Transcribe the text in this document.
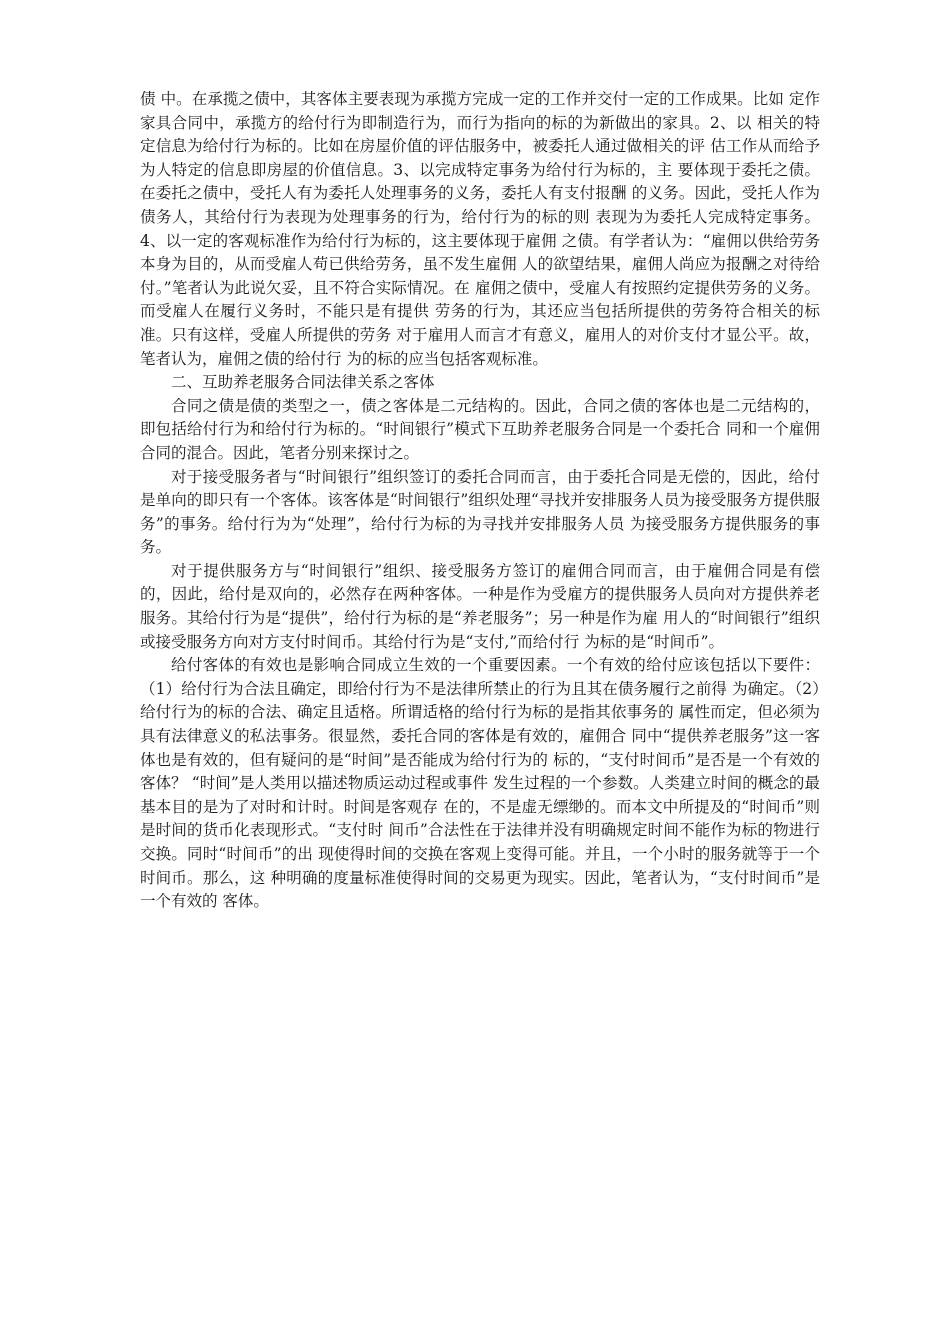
债 中。在承揽之债中，其客体主要表现为承揽方完成一定的工作并交付一定的工作成果。比如 定作家具合同中，承揽方的给付行为即制造行为，而行为指向的标的为新做出的家具。2、以 相关的特定信息为给付行为标的。比如在房屋价值的评估服务中，被委托人通过做相关的评 估工作从而给予为人特定的信息即房屋的价值信息。3、以完成特定事务为给付行为标的，主 要体现于委托之债。在委托之债中，受托人有为委托人处理事务的义务，委托人有支付报酬 的义务。因此，受托人作为债务人，其给付行为表现为处理事务的行为，给付行为的标的则 表现为为委托人完成特定事务。4、以一定的客观标准作为给付行为标的，这主要体现于雇佣 之债。有学者认为：“雇佣以供给劳务本身为目的，从而受雇人苟已供给劳务，虽不发生雇佣 人的欲望结果，雇佣人尚应为报酬之对待给付。”笔者认为此说欠妥，且不符合实际情况。在 雇佣之债中，受雇人有按照约定提供劳务的义务。而受雇人在履行义务时，不能只是有提供 劳务的行为，其还应当包括所提供的劳务符合相关的标准。只有这样，受雇人所提供的劳务 对于雇用人而言才有意义，雇用人的对价支付才显公平。故，笔者认为，雇佣之债的给付行 为的标的应当包括客观标准。

二、互助养老服务合同法律关系之客体

合同之债是债的类型之一，债之客体是二元结构的。因此，合同之债的客体也是二元结构的，即包括给付行为和给付行为标的。“时间银行”模式下互助养老服务合同是一个委托合 同和一个雇佣合同的混合。因此，笔者分别来探讨之。

对于接受服务者与“时间银行”组织签订的委托合同而言，由于委托合同是无偿的，因此，给付是单向的即只有一个客体。该客体是“时间银行”组织处理“寻找并安排服务人员为接受服务方提供服务”的事务。给付行为为“处理”，给付行为标的为寻找并安排服务人员 为接受服务方提供服务的事务。

对于提供服务方与“时间银行”组织、接受服务方签订的雇佣合同而言，由于雇佣合同是有偿的，因此，给付是双向的，必然存在两种客体。一种是作为受雇方的提供服务人员向对方提供养老服务。其给付行为是“提供”，给付行为标的是“养老服务”；另一种是作为雇 用人的“时间银行”组织或接受服务方向对方支付时间币。其给付行为是“支付,”而给付行 为标的是“时间币”。

给付客体的有效也是影响合同成立生效的一个重要因素。一个有效的给付应该包括以下要件：（1）给付行为合法且确定，即给付行为不是法律所禁止的行为且其在债务履行之前得 为确定。（2）给付行为的标的合法、确定且适格。所谓适格的给付行为标的是指其依事务的 属性而定，但必须为具有法律意义的私法事务。很显然，委托合同的客体是有效的，雇佣合 同中“提供养老服务”这一客体也是有效的，但有疑问的是“时间”是否能成为给付行为的 标的，“支付时间币”是否是一个有效的客体？ “时间”是人类用以描述物质运动过程或事件 发生过程的一个参数。人类建立时间的概念的最基本目的是为了对时和计时。时间是客观存 在的，不是虚无缥缈的。而本文中所提及的“时间币”则是时间的货币化表现形式。“支付时 间币”合法性在于法律并没有明确规定时间不能作为标的物进行交换。同时“时间币”的出 现使得时间的交换在客观上变得可能。并且，一个小时的服务就等于一个时间币。那么，这 种明确的度量标准使得时间的交易更为现实。因此，笔者认为，“支付时间币”是一个有效的 客体。
